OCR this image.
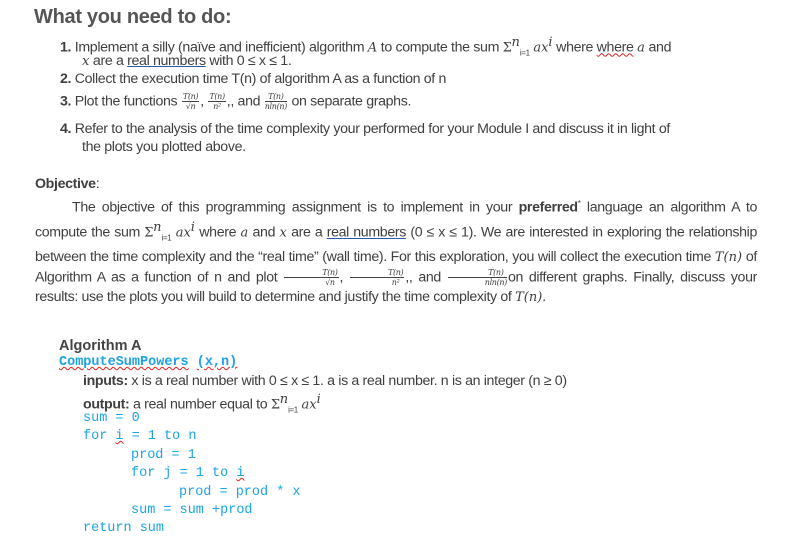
What you need to do:
1. Implement a silly (naïve and inefficient) algorithm A to compute the sum $\Sigma^n_{i=1}$ $ax^i$ where where a and
x are a real numbers with 0 ≤ x ≤ 1.
2. Collect the execution time T(n) of algorithm A as a function of n
3. Plot the functions $\frac{T(n)}{√n}$ , $\frac{T(n)}{\text{n²}}$ ,, and $\frac{T(n)}{nln(n)}$ on separate graphs.
4. Refer to the analysis of the time complexity your performed for your Module I and discuss it in light of
the plots you plotted above.
Objective:
The objective of this programming assignment is to implement in your preferred* language an algorithm A to compute the sum $\Sigma^n_{i=1}$ $ax^i$ where a and x are a real numbers (0 ≤ x ≤ 1). We are interested in exploring the relationship between the time complexity and the “real time” (wall time). For this exploration, you will collect the execution time T(n) of Algorithm A as a function of n and plot $\frac{T(n)}{√n}$ , $\frac{T(n)}{\text{n²}}$ ,, and $\frac{T(n)}{nln(n)}$ on different graphs. Finally, discuss your results: use the plots you will build to determine and justify the time complexity of T(n).
Algorithm A
ComputeSumPowers (x,n)
inputs: x is a real number with 0 ≤ x ≤ 1. a is a real number. n is an integer (n ≥ 0)
output: a real number equal to $\Sigma^n_{i=1}$ $ax^i$
sum = 0
for i = 1 to n
prod = 1
for j = 1 to i
prod = prod * x
sum = sum +prod
return sum
